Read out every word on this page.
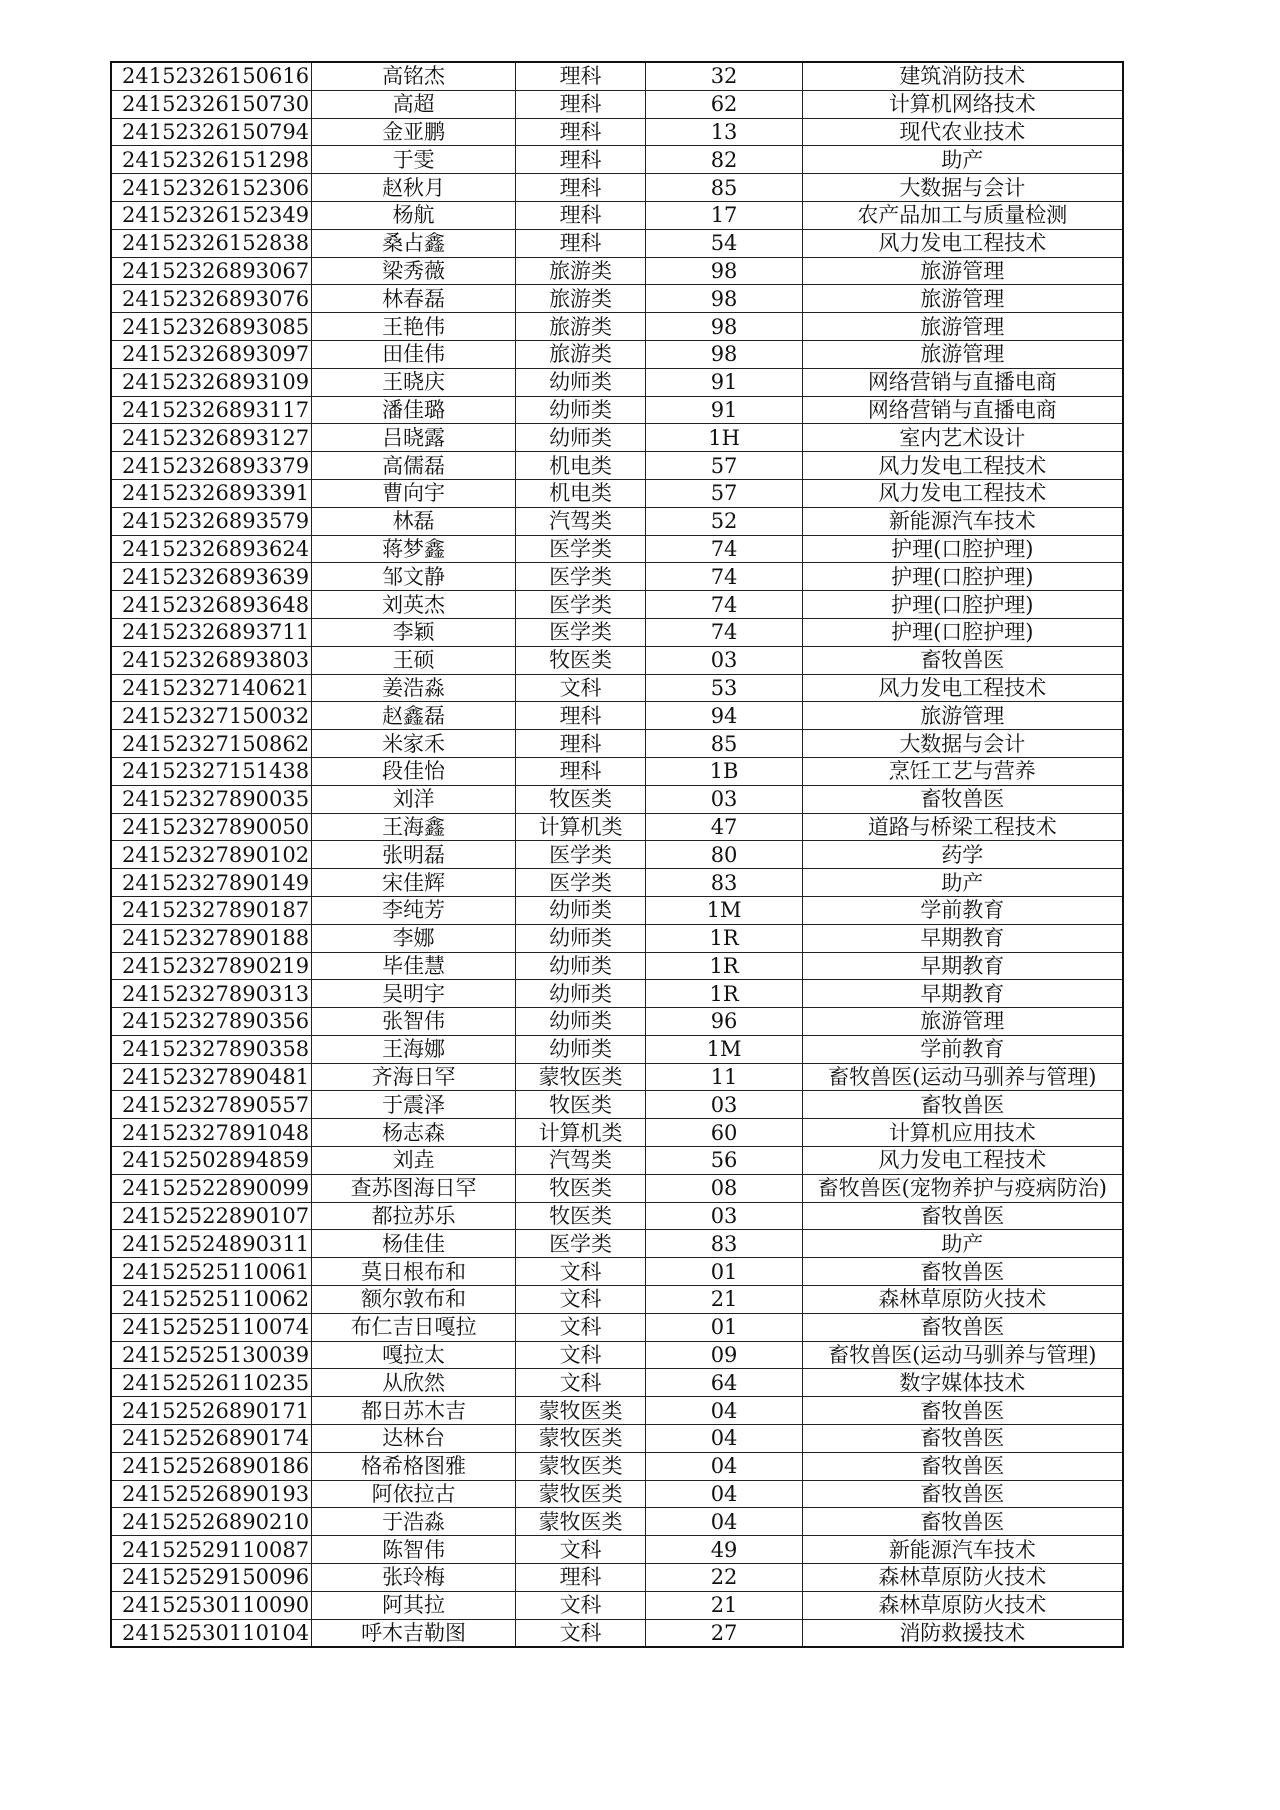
24152326150616	高铭杰	理科	32	建筑消防技术
24152326150730	高超	理科	62	计算机网络技术
24152326150794	金亚鹏	理科	13	现代农业技术
24152326151298	于雯	理科	82	助产
24152326152306	赵秋月	理科	85	大数据与会计
24152326152349	杨航	理科	17	农产品加工与质量检测
24152326152838	桑占鑫	理科	54	风力发电工程技术
24152326893067	梁秀薇	旅游类	98	旅游管理
24152326893076	林春磊	旅游类	98	旅游管理
24152326893085	王艳伟	旅游类	98	旅游管理
24152326893097	田佳伟	旅游类	98	旅游管理
24152326893109	王晓庆	幼师类	91	网络营销与直播电商
24152326893117	潘佳璐	幼师类	91	网络营销与直播电商
24152326893127	吕晓露	幼师类	1H	室内艺术设计
24152326893379	高儒磊	机电类	57	风力发电工程技术
24152326893391	曹向宇	机电类	57	风力发电工程技术
24152326893579	林磊	汽驾类	52	新能源汽车技术
24152326893624	蒋梦鑫	医学类	74	护理(口腔护理)
24152326893639	邹文静	医学类	74	护理(口腔护理)
24152326893648	刘英杰	医学类	74	护理(口腔护理)
24152326893711	李颖	医学类	74	护理(口腔护理)
24152326893803	王硕	牧医类	03	畜牧兽医
24152327140621	姜浩淼	文科	53	风力发电工程技术
24152327150032	赵鑫磊	理科	94	旅游管理
24152327150862	米家禾	理科	85	大数据与会计
24152327151438	段佳怡	理科	1B	烹饪工艺与营养
24152327890035	刘洋	牧医类	03	畜牧兽医
24152327890050	王海鑫	计算机类	47	道路与桥梁工程技术
24152327890102	张明磊	医学类	80	药学
24152327890149	宋佳辉	医学类	83	助产
24152327890187	李纯芳	幼师类	1M	学前教育
24152327890188	李娜	幼师类	1R	早期教育
24152327890219	毕佳慧	幼师类	1R	早期教育
24152327890313	吴明宇	幼师类	1R	早期教育
24152327890356	张智伟	幼师类	96	旅游管理
24152327890358	王海娜	幼师类	1M	学前教育
24152327890481	齐海日罕	蒙牧医类	11	畜牧兽医(运动马驯养与管理)
24152327890557	于震泽	牧医类	03	畜牧兽医
24152327891048	杨志森	计算机类	60	计算机应用技术
24152502894859	刘垚	汽驾类	56	风力发电工程技术
24152522890099	查苏图海日罕	牧医类	08	畜牧兽医(宠物养护与疫病防治)
24152522890107	都拉苏乐	牧医类	03	畜牧兽医
24152524890311	杨佳佳	医学类	83	助产
24152525110061	莫日根布和	文科	01	畜牧兽医
24152525110062	额尔敦布和	文科	21	森林草原防火技术
24152525110074	布仁吉日嘎拉	文科	01	畜牧兽医
24152525130039	嘎拉太	文科	09	畜牧兽医(运动马驯养与管理)
24152526110235	从欣然	文科	64	数字媒体技术
24152526890171	都日苏木吉	蒙牧医类	04	畜牧兽医
24152526890174	达林台	蒙牧医类	04	畜牧兽医
24152526890186	格希格图雅	蒙牧医类	04	畜牧兽医
24152526890193	阿依拉古	蒙牧医类	04	畜牧兽医
24152526890210	于浩淼	蒙牧医类	04	畜牧兽医
24152529110087	陈智伟	文科	49	新能源汽车技术
24152529150096	张玲梅	理科	22	森林草原防火技术
24152530110090	阿其拉	文科	21	森林草原防火技术
24152530110104	呼木吉勒图	文科	27	消防救援技术
